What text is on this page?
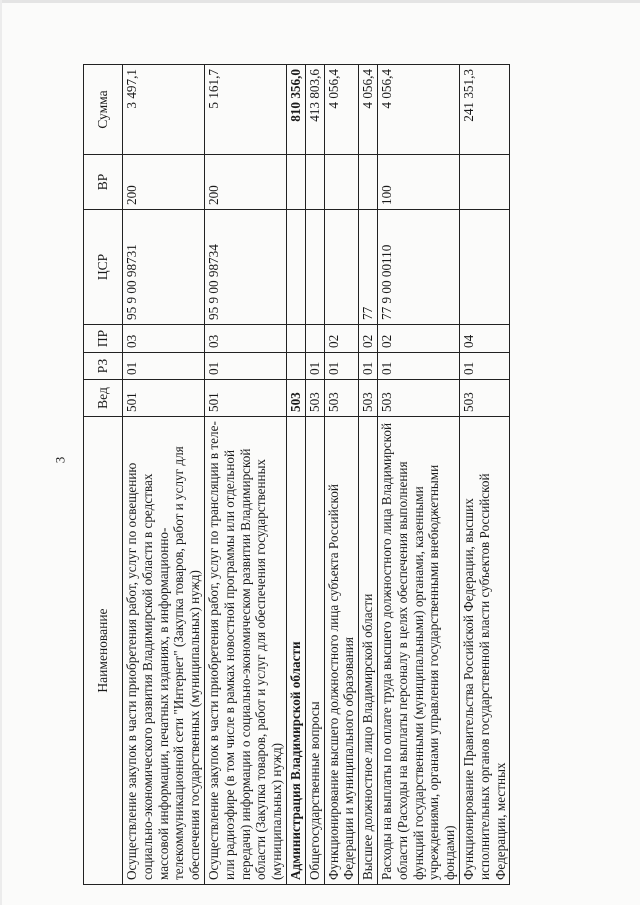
3
Наименование	Вед	РЗ	ПР	ЦСР	ВР	Сумма
Осуществление закупок в части приобретения работ, услуг по освещению социально-экономического развития Владимирской области в средствах массовой информации, печатных изданиях, в информационно-телекоммуникационной сети "Интернет" (Закупка товаров, работ и услуг для обеспечения государственных (муниципальных) нужд)	501	01	03	95 9 00 98731	200	3 497,1
Осуществление закупок в части приобретения работ, услуг по трансляции в теле- или радиоэфире (в том числе в рамках новостной программы или отдельной передачи) информации о социально-экономическом развитии Владимирской области (Закупка товаров, работ и услуг для обеспечения государственных (муниципальных) нужд)	501	01	03	95 9 00 98734	200	5 161,7
Администрация Владимирской области	503					810 356,0
Общегосударственные вопросы	503	01				413 803,6
Функционирование высшего должностного лица субъекта Российской Федерации и муниципального образования	503	01	02			4 056,4
Высшее должностное лицо Владимирской области	503	01	02	77		4 056,4
Расходы на выплаты по оплате труда высшего должностного лица Владимирской области (Расходы на выплаты персоналу в целях обеспечения выполнения функций государственными (муниципальными) органами, казенными учреждениями, органами управления государственными внебюджетными фондами)	503	01	02	77 9 00 00110	100	4 056,4
Функционирование Правительства Российской Федерации, высших исполнительных органов государственной власти субъектов Российской Федерации, местных	503	01	04			241 351,3
